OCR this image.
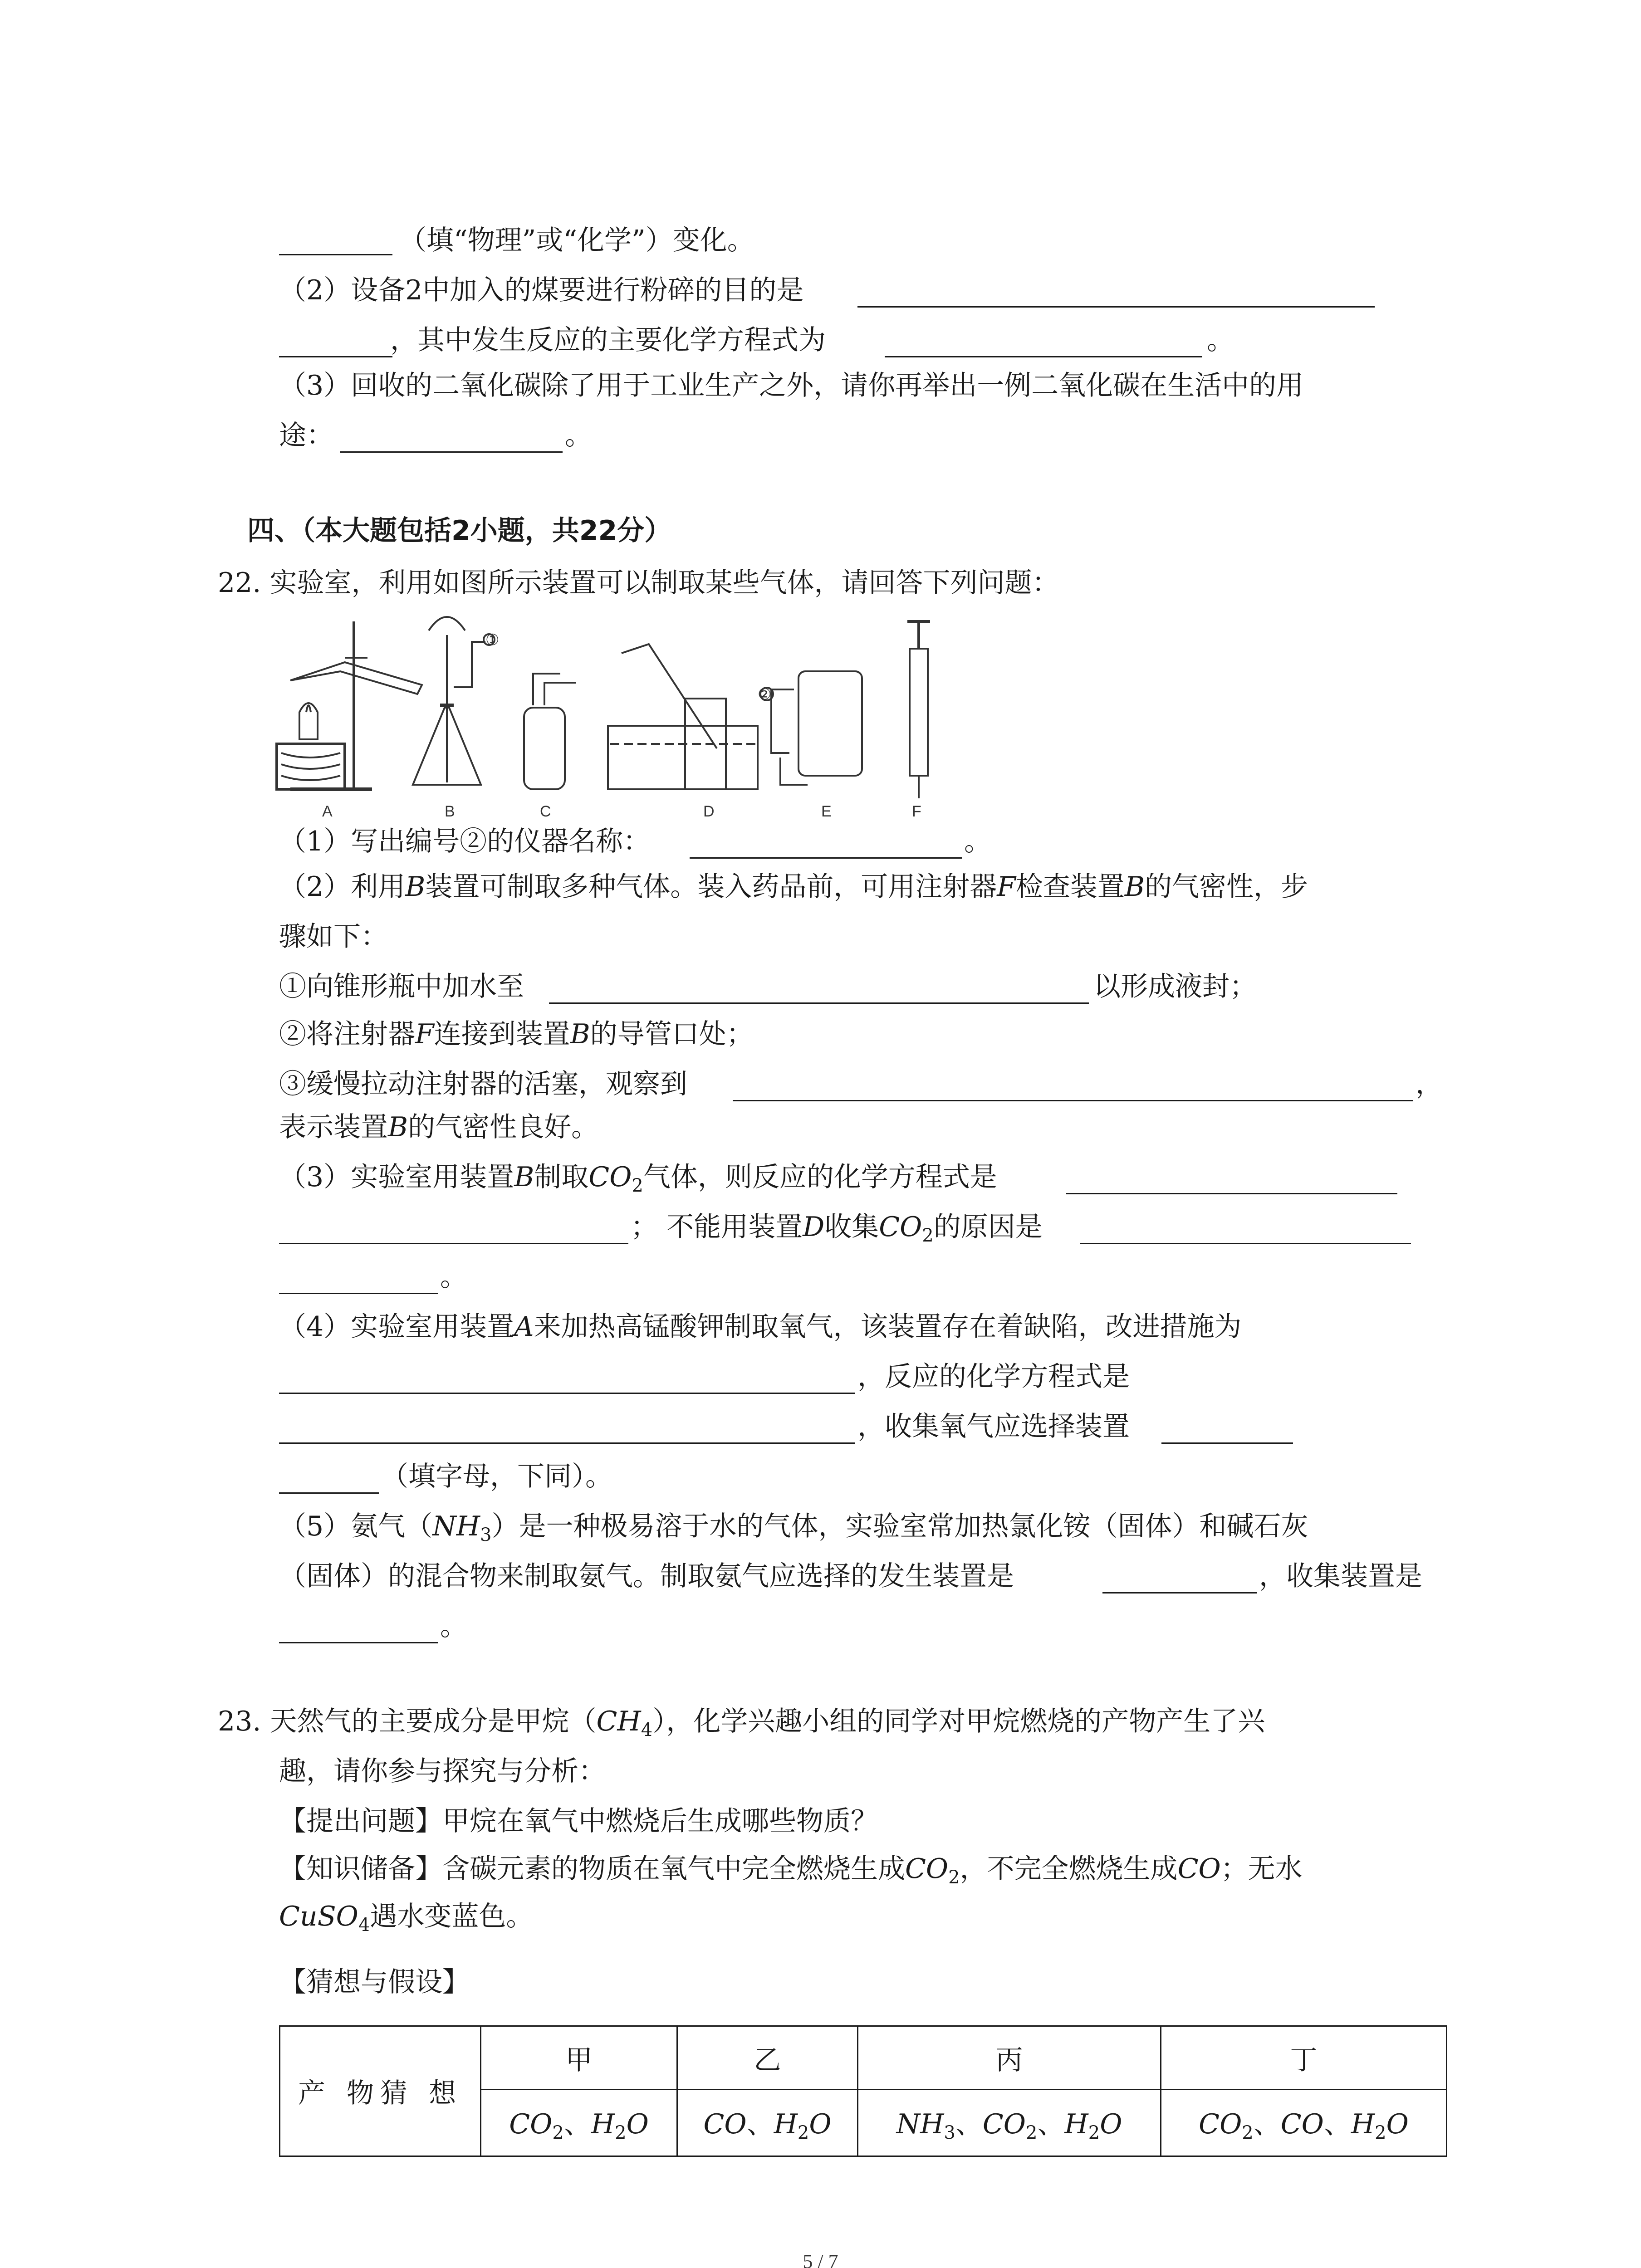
（填“物理”或“化学”）变化。
（2）设备2中加入的煤要进行粉碎的目的是
，其中发生反应的主要化学方程式为	。
（3）回收的二氧化碳除了用于工业生产之外，请你再举出一例二氧化碳在生活中的用
途：	。
四、（本大题包括2小题，共22分）
22. 实验室，利用如图所示装置可以制取某些气体，请回答下列问题：
①
②
A	B	C	D	E	F
（1）写出编号②的仪器名称：	。
（2）利用B装置可制取多种气体。装入药品前，可用注射器F检查装置B的气密性，步
骤如下：
①向锥形瓶中加水至	以形成液封；
②将注射器F连接到装置B的导管口处；
③缓慢拉动注射器的活塞，观察到	，
表示装置B的气密性良好。
（3）实验室用装置B制取$CO_2$气体，则反应的化学方程式是
； 不能用装置D收集$CO_2$的原因是
。
（4）实验室用装置A来加热高锰酸钾制取氧气，该装置存在着缺陷，改进措施为
，反应的化学方程式是
，收集氧气应选择装置
（填字母，下同）。
（5）氨气$(NH_3)$是一种极易溶于水的气体，实验室常加热氯化铵（固体）和碱石灰
（固体）的混合物来制取氨气。制取氨气应选择的发生装置是	，收集装置是
。
23. 天然气的主要成分是甲烷$(CH_4)$，化学兴趣小组的同学对甲烷燃烧的产物产生了兴
趣，请你参与探究与分析：
【提出问题】甲烷在氧气中燃烧后生成哪些物质？
【知识储备】含碳元素的物质在氧气中完全燃烧生成$CO_2$，不完全燃烧生成CO；无水
CuSO$_4$遇水变蓝色。
【猜想与假设】
产 物猜 想	甲	乙	丙	丁
	$CO_2$、$H_2O$	CO、$H_2O$	$NH_3$、$CO_2$、$H_2O$	$CO_2$、CO、$H_2O$
5 / 7
